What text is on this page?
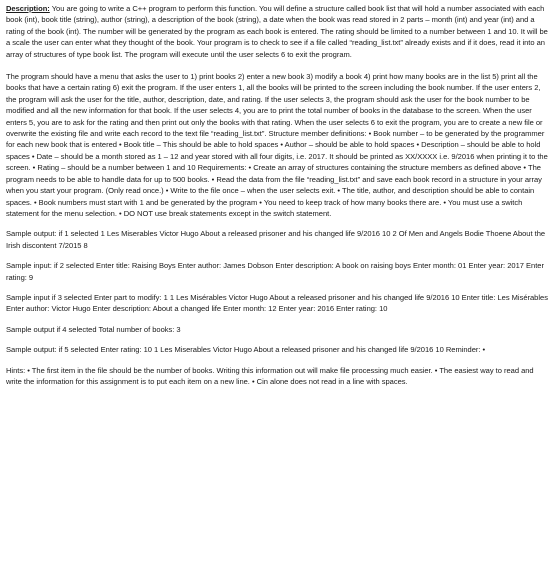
Description: You are going to write a C++ program to perform this function. You will define a structure called book list that will hold a number associated with each book (int), book title (string), author (string), a description of the book (string), a date when the book was read stored in 2 parts – month (int) and year (int) and a rating of the book (int). The number will be generated by the program as each book is entered. The rating should be limited to a number between 1 and 10. It will be a scale the user can enter what they thought of the book. Your program is to check to see if a file called “reading_list.txt” already exists and if it does, read it into an array of structures of type book list. The program will execute until the user selects 6 to exit the program.

The program should have a menu that asks the user to 1) print books 2) enter a new book 3) modify a book 4) print how many books are in the list 5) print all the books that have a certain rating 6) exit the program. If the user enters 1, all the books will be printed to the screen including the book number. If the user enters 2, the program will ask the user for the title, author, description, date, and rating. If the user selects 3, the program should ask the user for the book number to be modified and all the new information for that book. If the user selects 4, you are to print the total number of books in the database to the screen. When the user enters 5, you are to ask for the rating and then print out only the books with that rating. When the user selects 6 to exit the program, you are to create a new file or overwrite the existing file and write each record to the text file “reading_list.txt”. Structure member definitions: • Book number – to be generated by the programmer for each new book that is entered • Book title – This should be able to hold spaces • Author – should be able to hold spaces • Description – should be able to hold spaces • Date – should be a month stored as 1 – 12 and year stored with all four digits, i.e. 2017. It should be printed as XX/XXXX i.e. 9/2016 when printing it to the screen. • Rating – should be a number between 1 and 10 Requirements: • Create an array of structures containing the structure members as defined above • The program needs to be able to handle data for up to 500 books. • Read the data from the file “reading_list.txt” and save each book record in a structure in your array when you start your program. (Only read once.) • Write to the file once – when the user selects exit. • The title, author, and description should be able to contain spaces. • Book numbers must start with 1 and be generated by the program • You need to keep track of how many books there are. • You must use a switch statement for the menu selection. • DO NOT use break statements except in the switch statement.

Sample output: if 1 selected 1 Les Miserables Victor Hugo About a released prisoner and his changed life 9/2016 10 2 Of Men and Angels Bodie Thoene About the Irish discontent 7/2015 8

Sample input: if 2 selected Enter title: Raising Boys Enter author: James Dobson Enter description: A book on raising boys Enter month: 01 Enter year: 2017 Enter rating: 9

Sample input if 3 selected Enter part to modify: 1 1 Les Misérables Victor Hugo About a released prisoner and his changed life 9/2016 10 Enter title: Les Misérables Enter author: Victor Hugo Enter description: About a changed life Enter month: 12 Enter year: 2016 Enter rating: 10

Sample output if 4 selected Total number of books: 3

Sample output: if 5 selected Enter rating: 10 1 Les Miserables Victor Hugo About a released prisoner and his changed life 9/2016 10 Reminder: •

Hints: • The first item in the file should be the number of books. Writing this information out will make file processing much easier. • The easiest way to read and write the information for this assignment is to put each item on a new line. • Cin alone does not read in a line with spaces.
